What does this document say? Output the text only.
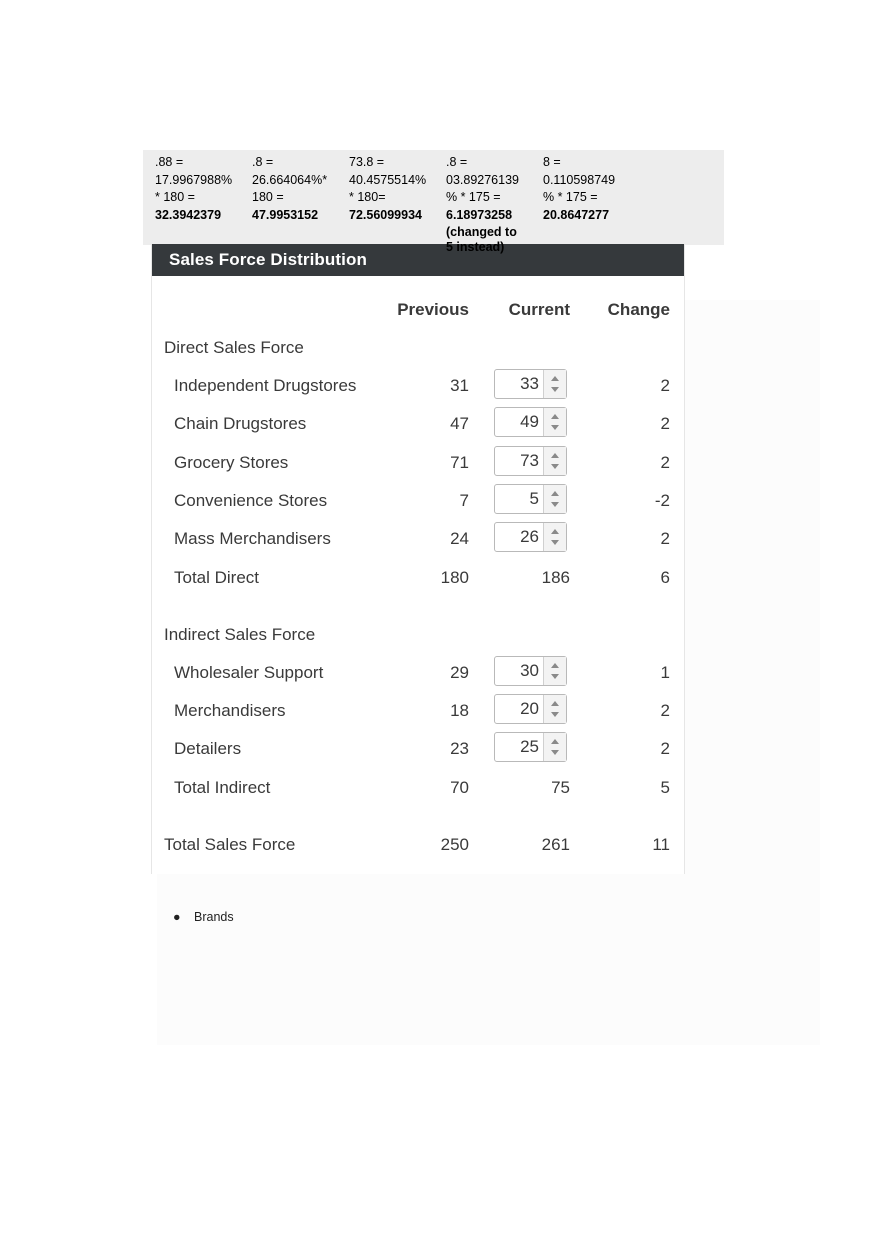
.88 =
17.9967988%
* 180 =
32.3942379
.8 =
26.664064%*
180 =
47.9953152
73.8 =
40.4575514%
* 180=
72.56099934
.8 =
03.89276139
% * 175 =
6.18973258
(changed to
8 =
0.110598749
% * 175 =
20.8647277
Sales Force Distribution
Previous Current Change
Direct Sales Force
Independent Drugstores	31	33	2
Chain Drugstores	47	49	2
Grocery Stores	71	73	2
Convenience Stores	7	5	-2
Mass Merchandisers	24	26	2
Total Direct	180	186	6
Indirect Sales Force
Wholesaler Support	29	30	1
Merchandisers	18	20	2
Detailers	23	25	2
Total Indirect	70	75	5
Total Sales Force	250	261	11
5 instead)
● Brands
